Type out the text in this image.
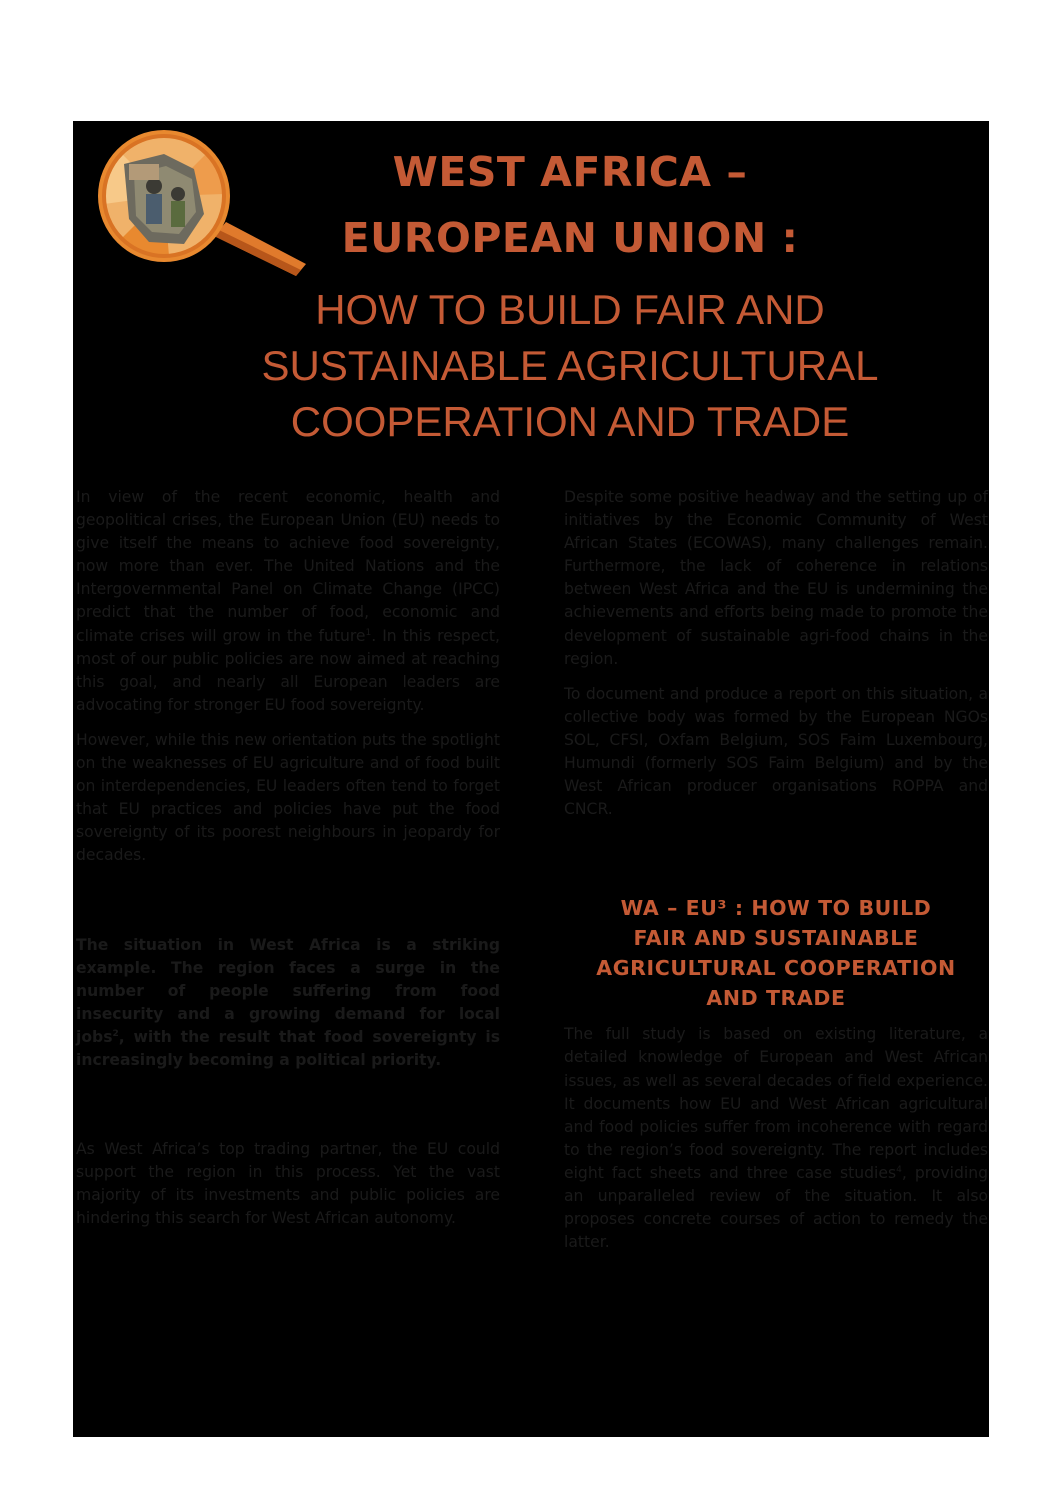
WEST AFRICA –
EUROPEAN UNION :
HOW TO BUILD FAIR AND
SUSTAINABLE AGRICULTURAL
COOPERATION AND TRADE

In view of the recent economic, health and geopolitical crises, the European Union (EU) needs to give itself the means to achieve food sovereignty, now more than ever. The United Nations and the Intergovernmental Panel on Climate Change (IPCC) predict that the number of food, economic and climate crises will grow in the future$^1$. In this respect, most of our public policies are now aimed at reaching this goal, and nearly all European leaders are advocating for stronger EU food sovereignty.

However, while this new orientation puts the spotlight on the weaknesses of EU agriculture and of food built on interdependencies, EU leaders often tend to forget that EU practices and policies have put the food sovereignty of its poorest neighbours in jeopardy for decades.

The situation in West Africa is a striking example. The region faces a surge in the number of people suffering from food insecurity and a growing demand for local jobs$^2$, with the result that food sovereignty is increasingly becoming a political priority.

As West Africa’s top trading partner, the EU could support the region in this process. Yet the vast majority of its investments and public policies are hindering this search for West African autonomy.

Despite some positive headway and the setting up of initiatives by the Economic Community of West African States (ECOWAS), many challenges remain. Furthermore, the lack of coherence in relations between West Africa and the EU is undermining the achievements and efforts being made to promote the development of sustainable agri-food chains in the region.

To document and produce a report on this situation, a collective body was formed by the European NGOs SOL, CFSI, Oxfam Belgium, SOS Faim Luxembourg, Humundi (formerly SOS Faim Belgium) and by the West African producer organisations ROPPA and CNCR.

WA – EU³ : HOW TO BUILD
FAIR AND SUSTAINABLE
AGRICULTURAL COOPERATION
AND TRADE

The full study is based on existing literature, a detailed knowledge of European and West African issues, as well as several decades of field experience. It documents how EU and West African agricultural and food policies suffer from incoherence with regard to the region’s food sovereignty. The report includes eight fact sheets and three case studies$^4$, providing an unparalleled review of the situation. It also proposes concrete courses of action to remedy the latter.
